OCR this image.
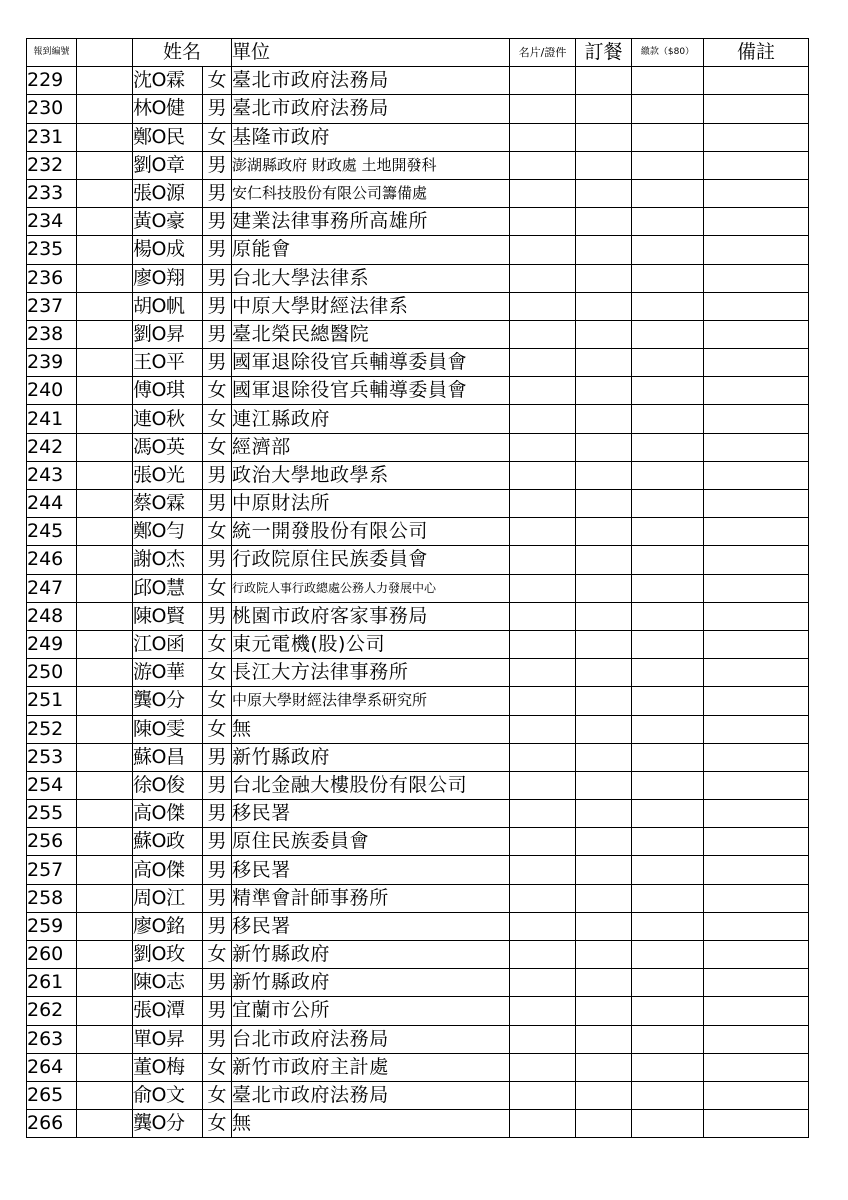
報到編號		姓名		單位	名片/證件	訂餐	繳款（$80）	備註
229		沈O霖	女	臺北市政府法務局				
230		林O健	男	臺北市政府法務局				
231		鄭O民	女	基隆市政府				
232		劉O章	男	澎湖縣政府 財政處 土地開發科				
233		張O源	男	安仁科技股份有限公司籌備處				
234		黃O豪	男	建業法律事務所高雄所				
235		楊O成	男	原能會				
236		廖O翔	男	台北大學法律系				
237		胡O帆	男	中原大學財經法律系				
238		劉O昇	男	臺北榮民總醫院				
239		王O平	男	國軍退除役官兵輔導委員會				
240		傅O琪	女	國軍退除役官兵輔導委員會				
241		連O秋	女	連江縣政府				
242		馮O英	女	經濟部				
243		張O光	男	政治大學地政學系				
244		蔡O霖	男	中原財法所				
245		鄭O勻	女	統一開發股份有限公司				
246		謝O杰	男	行政院原住民族委員會				
247		邱O慧	女	行政院人事行政總處公務人力發展中心				
248		陳O賢	男	桃園市政府客家事務局				
249		江O函	女	東元電機(股)公司				
250		游O華	女	長江大方法律事務所				
251		龔O分	女	中原大學財經法律學系研究所				
252		陳O雯	女	無				
253		蘇O昌	男	新竹縣政府				
254		徐O俊	男	台北金融大樓股份有限公司				
255		高O傑	男	移民署				
256		蘇O政	男	原住民族委員會				
257		高O傑	男	移民署				
258		周O江	男	精準會計師事務所				
259		廖O銘	男	移民署				
260		劉O玫	女	新竹縣政府				
261		陳O志	男	新竹縣政府				
262		張O潭	男	宜蘭市公所				
263		單O昇	男	台北市政府法務局				
264		董O梅	女	新竹市政府主計處				
265		俞O文	女	臺北市政府法務局				
266		龔O分	女	無				
